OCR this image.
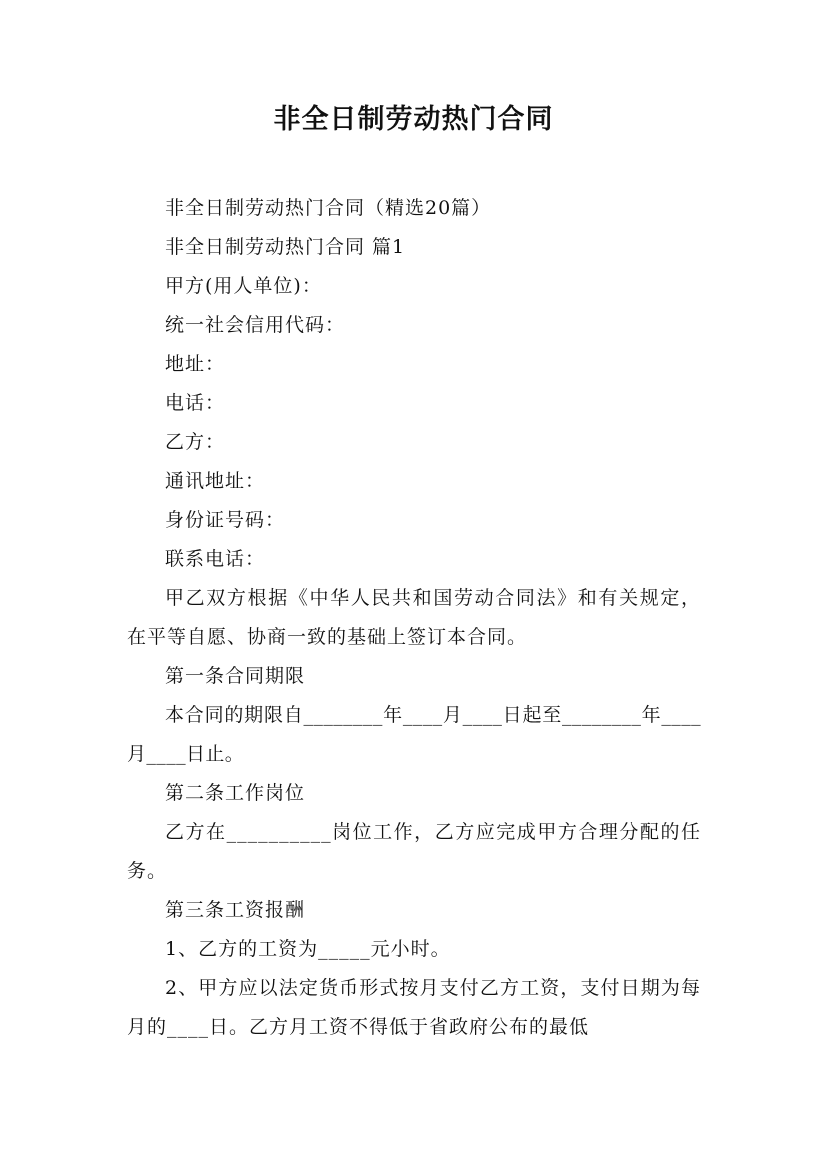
非全日制劳动热门合同

非全日制劳动热门合同（精选20篇）

非全日制劳动热门合同 篇1

甲方(用人单位)：

统一社会信用代码：

地址：

电话：

乙方：

通讯地址：

身份证号码：

联系电话：

甲乙双方根据《中华人民共和国劳动合同法》和有关规定，在平等自愿、协商一致的基础上签订本合同。

第一条合同期限

本合同的期限自________年____月____日起至________年____月____日止。

第二条工作岗位

乙方在__________岗位工作，乙方应完成甲方合理分配的任务。

第三条工资报酬

1、乙方的工资为_____元小时。

2、甲方应以法定货币形式按月支付乙方工资，支付日期为每月的____日。乙方月工资不得低于省政府公布的最低
